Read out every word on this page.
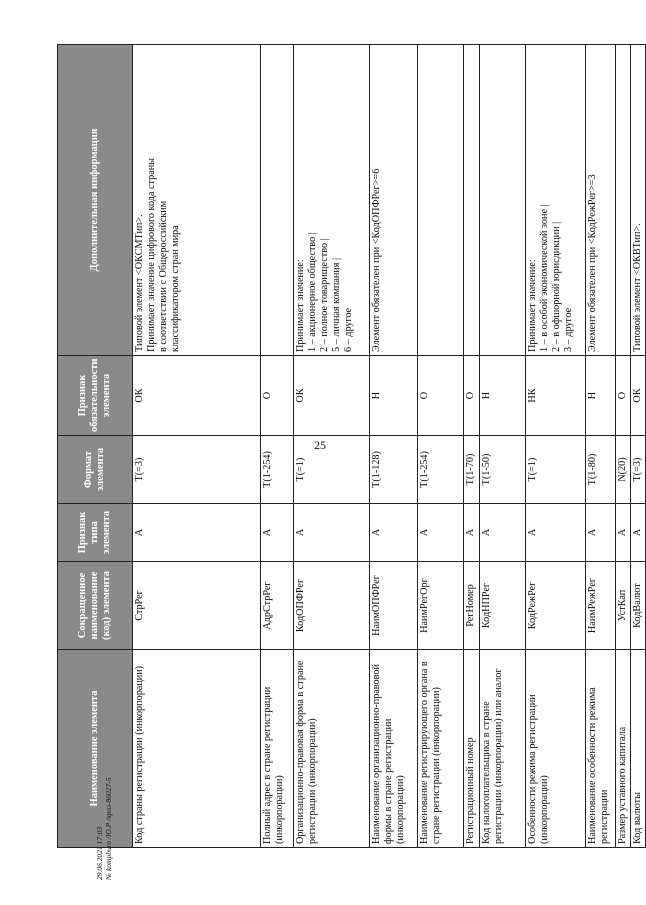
25
Наименование элемента	Сокращенное наименование (код) элемента	Признак типа элемента	Формат элемента	Признак обязательности элемента	Дополнительная информация
Код страны регистрации (инкорпорации)	СтрРег	А	Т(=3)	ОК	Типовой элемент <ОКСМТип>. Принимает значение цифрового кода страны в соответствии с Общероссийским классификатором стран мира

Полный адрес в стране регистрации (инкорпорации)	АдрСтрРег	А	Т(1-254)	О	
Организационно-правовая форма в стране регистрации (инкорпорации)	КодОПФРег	А	Т(=1)	ОК	Принимает значение: 1 – акционерное общество | 2 – полное товарищество | 5 – личная компания | 6 – другое

Наименование организационно-правовой формы в стране регистрации (инкорпорации)	НаимОПФРег	А	Т(1-128)	Н	Элемент обязателен при <КодОПФРег>=6

Наименование регистрирующего органа в стране регистрации (инкорпорации)	НаимРегОрг	А	Т(1-254)	О	
Регистрационный номер	РегНомер	А	Т(1-70)	О	
Код налогоплательщика в стране регистрации (инкорпорации) или аналог	КодНПРег	А	Т(1-50)	Н	
Особенности режима регистрации (инкорпорации)	КодРежРег	А	Т(=1)	НК	Принимает значение: 1 – в особой экономической зоне | 2 – в офшорной юрисдикции | 3 – другое

Наименование особенности режима регистрации	НаимРежРег	А	Т(1-80)	Н	Элемент обязателен при <КодРежРег>=3

Размер уставного капитала	УстКап	А	N(20)	О	
Код валюты	КодВалют	А	Т(=3)	ОК	Типовой элемент <ОКВТип>.
29.06.2021 17:03 № kompburo /Ю.Р /яроз-86027-5
